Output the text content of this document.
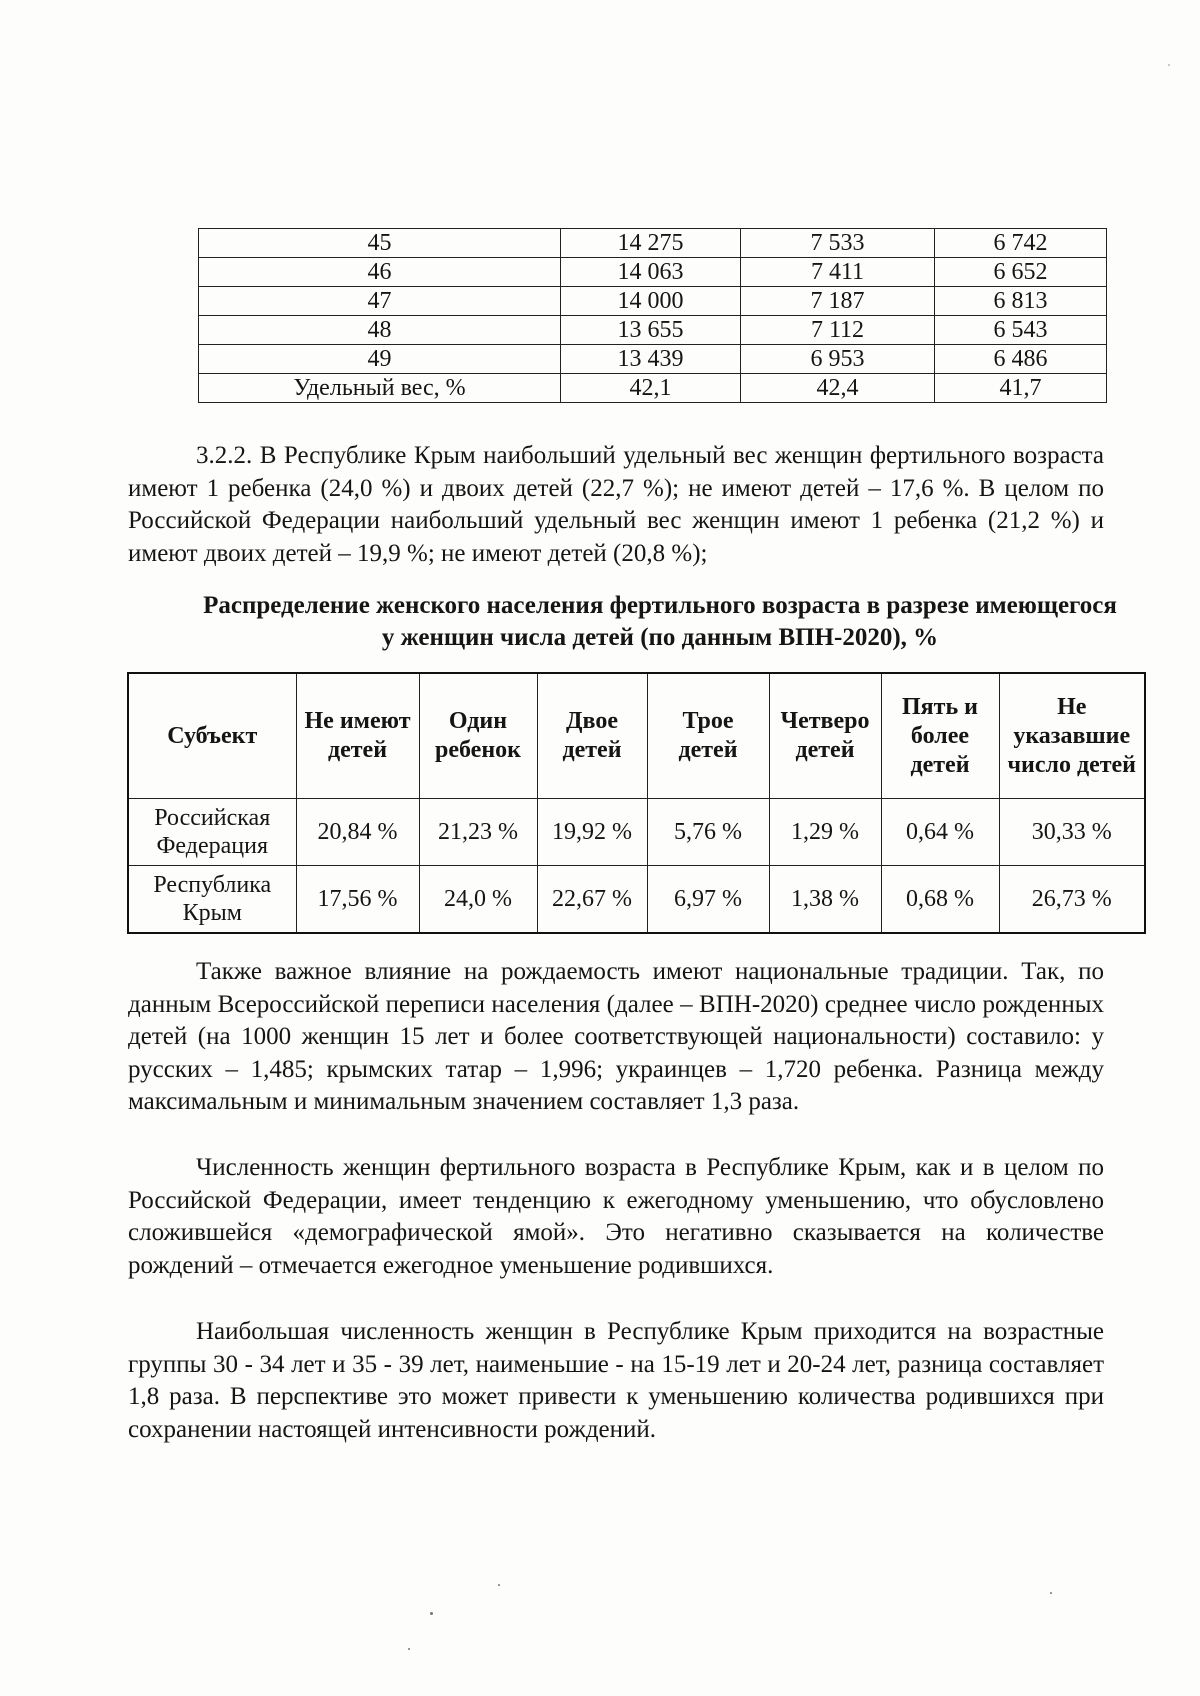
45	14 275	7 533	6 742
46	14 063	7 411	6 652
47	14 000	7 187	6 813
48	13 655	7 112	6 543
49	13 439	6 953	6 486
Удельный вес, %	42,1	42,4	41,7

3.2.2. В Республике Крым наибольший удельный вес женщин фертильного возраста имеют 1 ребенка (24,0 %) и двоих детей (22,7 %); не имеют детей – 17,6 %. В целом по Российской Федерации наибольший удельный вес женщин имеют 1 ребенка (21,2 %) и имеют двоих детей – 19,9 %; не имеют детей (20,8 %);

Распределение женского населения фертильного возраста в разрезе имеющегося у женщин числа детей (по данным ВПН-2020), %

Субъект	Не имеют детей	Один ребенок	Двое детей	Трое детей	Четверо детей	Пять и более детей	Не указавшие число детей
Российская Федерация	20,84 %	21,23 %	19,92 %	5,76 %	1,29 %	0,64 %	30,33 %
Республика Крым	17,56 %	24,0 %	22,67 %	6,97 %	1,38 %	0,68 %	26,73 %

Также важное влияние на рождаемость имеют национальные традиции. Так, по данным Всероссийской переписи населения (далее – ВПН-2020) среднее число рожденных детей (на 1000 женщин 15 лет и более соответствующей национальности) составило: у русских – 1,485; крымских татар – 1,996; украинцев – 1,720 ребенка. Разница между максимальным и минимальным значением составляет 1,3 раза.

Численность женщин фертильного возраста в Республике Крым, как и в целом по Российской Федерации, имеет тенденцию к ежегодному уменьшению, что обусловлено сложившейся «демографической ямой». Это негативно сказывается на количестве рождений – отмечается ежегодное уменьшение родившихся.

Наибольшая численность женщин в Республике Крым приходится на возрастные группы 30 - 34 лет и 35 - 39 лет, наименьшие - на 15-19 лет и 20-24 лет, разница составляет 1,8 раза. В перспективе это может привести к уменьшению количества родившихся при сохранении настоящей интенсивности рождений.
